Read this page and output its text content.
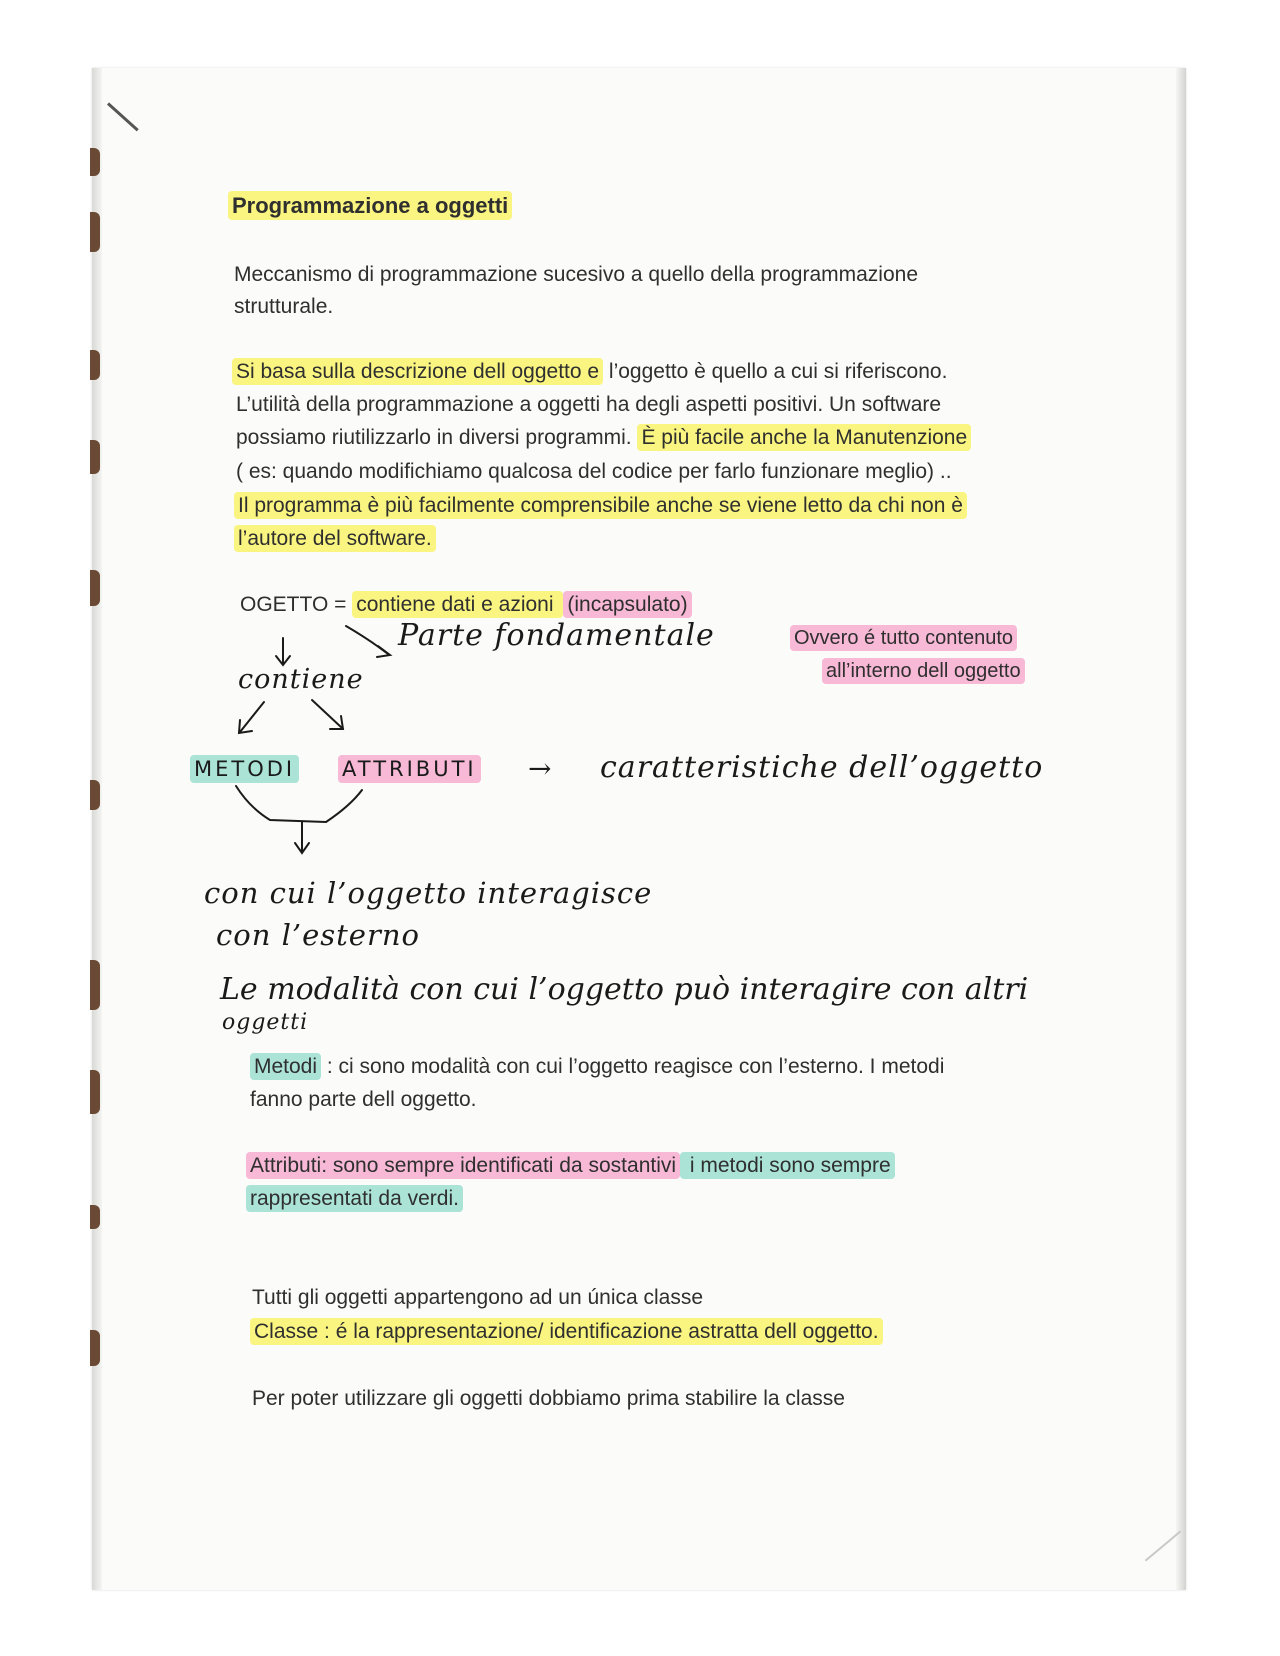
Programmazione a oggetti

Meccanismo di programmazione sucesivo a quello della programmazione

strutturale.

Si basa sulla descrizione dell oggetto e l’oggetto è quello a cui si riferiscono.

L’utilità della programmazione a oggetti ha degli aspetti positivi. Un software

possiamo riutilizzarlo in diversi programmi. È più facile anche la Manutenzione

( es: quando modifichiamo qualcosa del codice per farlo funzionare meglio) ..

Il programma è più facilmente comprensibile anche se viene letto da chi non è

l’autore del software.

OGETTO = contiene dati e azioni (incapsulato)

Ovvero é tutto contenuto

all’interno dell oggetto

Parte fondamentale

contiene

METODI ATTRIBUTI → caratteristiche dell’oggetto

con cui l’oggetto interagisce

con l’esterno

Le modalità con cui l’oggetto può interagire con altri

oggetti

Metodi : ci sono modalità con cui l’oggetto reagisce con l’esterno. I metodi

fanno parte dell oggetto.

Attributi: sono sempre identificati da sostantivi i metodi sono sempre

rappresentati da verdi.

Tutti gli oggetti appartengono ad un única classe

Classe : é la rappresentazione/ identificazione astratta dell oggetto.

Per poter utilizzare gli oggetti dobbiamo prima stabilire la classe
